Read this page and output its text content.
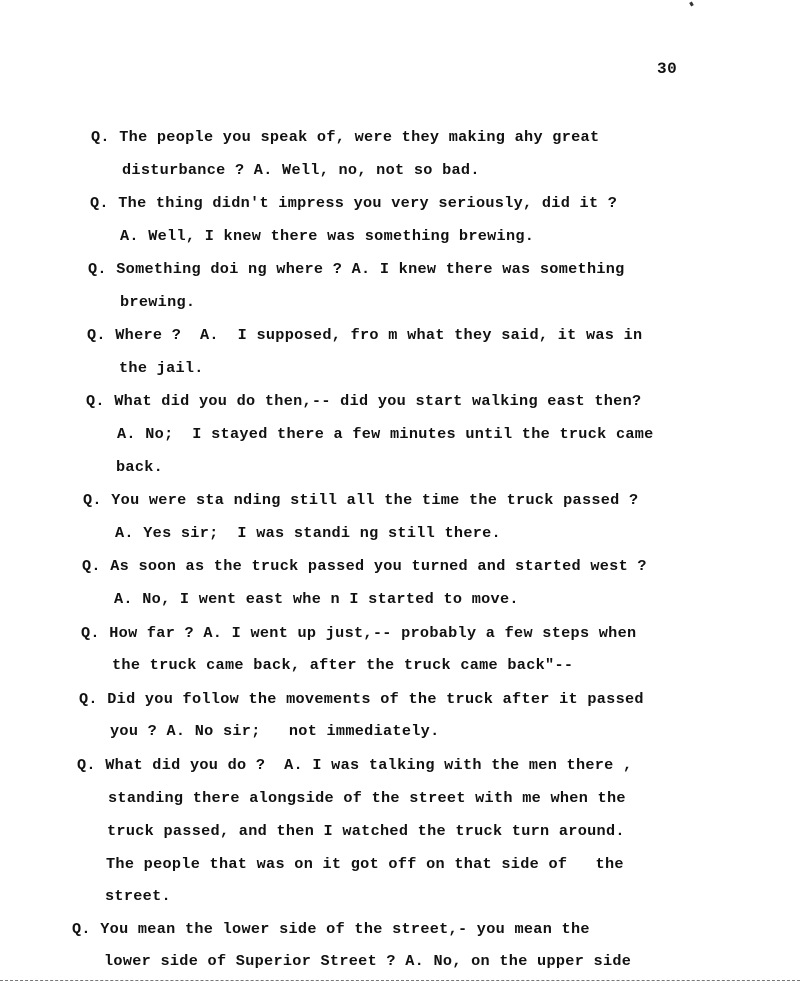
30
Q. The people you speak of, were they making ahy great
disturbance ? A. Well, no, not so bad.
Q. The thing didn't impress you very seriously, did it ?
A. Well, I knew there was something brewing.
Q. Something doi ng where ? A. I knew there was something
brewing.
Q. Where ?  A.  I supposed, fro m what they said, it was in
the jail.
Q. What did you do then,-- did you start walking east then?
A. No;  I stayed there a few minutes until the truck came
back.
Q. You were sta nding still all the time the truck passed ?
A. Yes sir;  I was standi ng still there.
Q. As soon as the truck passed you turned and started west ?
A. No, I went east whe n I started to move.
Q. How far ? A. I went up just,-- probably a few steps when
the truck came back, after the truck came back"--
Q. Did you follow the movements of the truck after it passed
you ? A. No sir;   not immediately.
Q. What did you do ?  A. I was talking with the men there ,
standing there alongside of the street with me when the
truck passed, and then I watched the truck turn around.
The people that was on it got off on that side of   the
street.
Q. You mean the lower side of the street,- you mean the
lower side of Superior Street ? A. No, on the upper side
